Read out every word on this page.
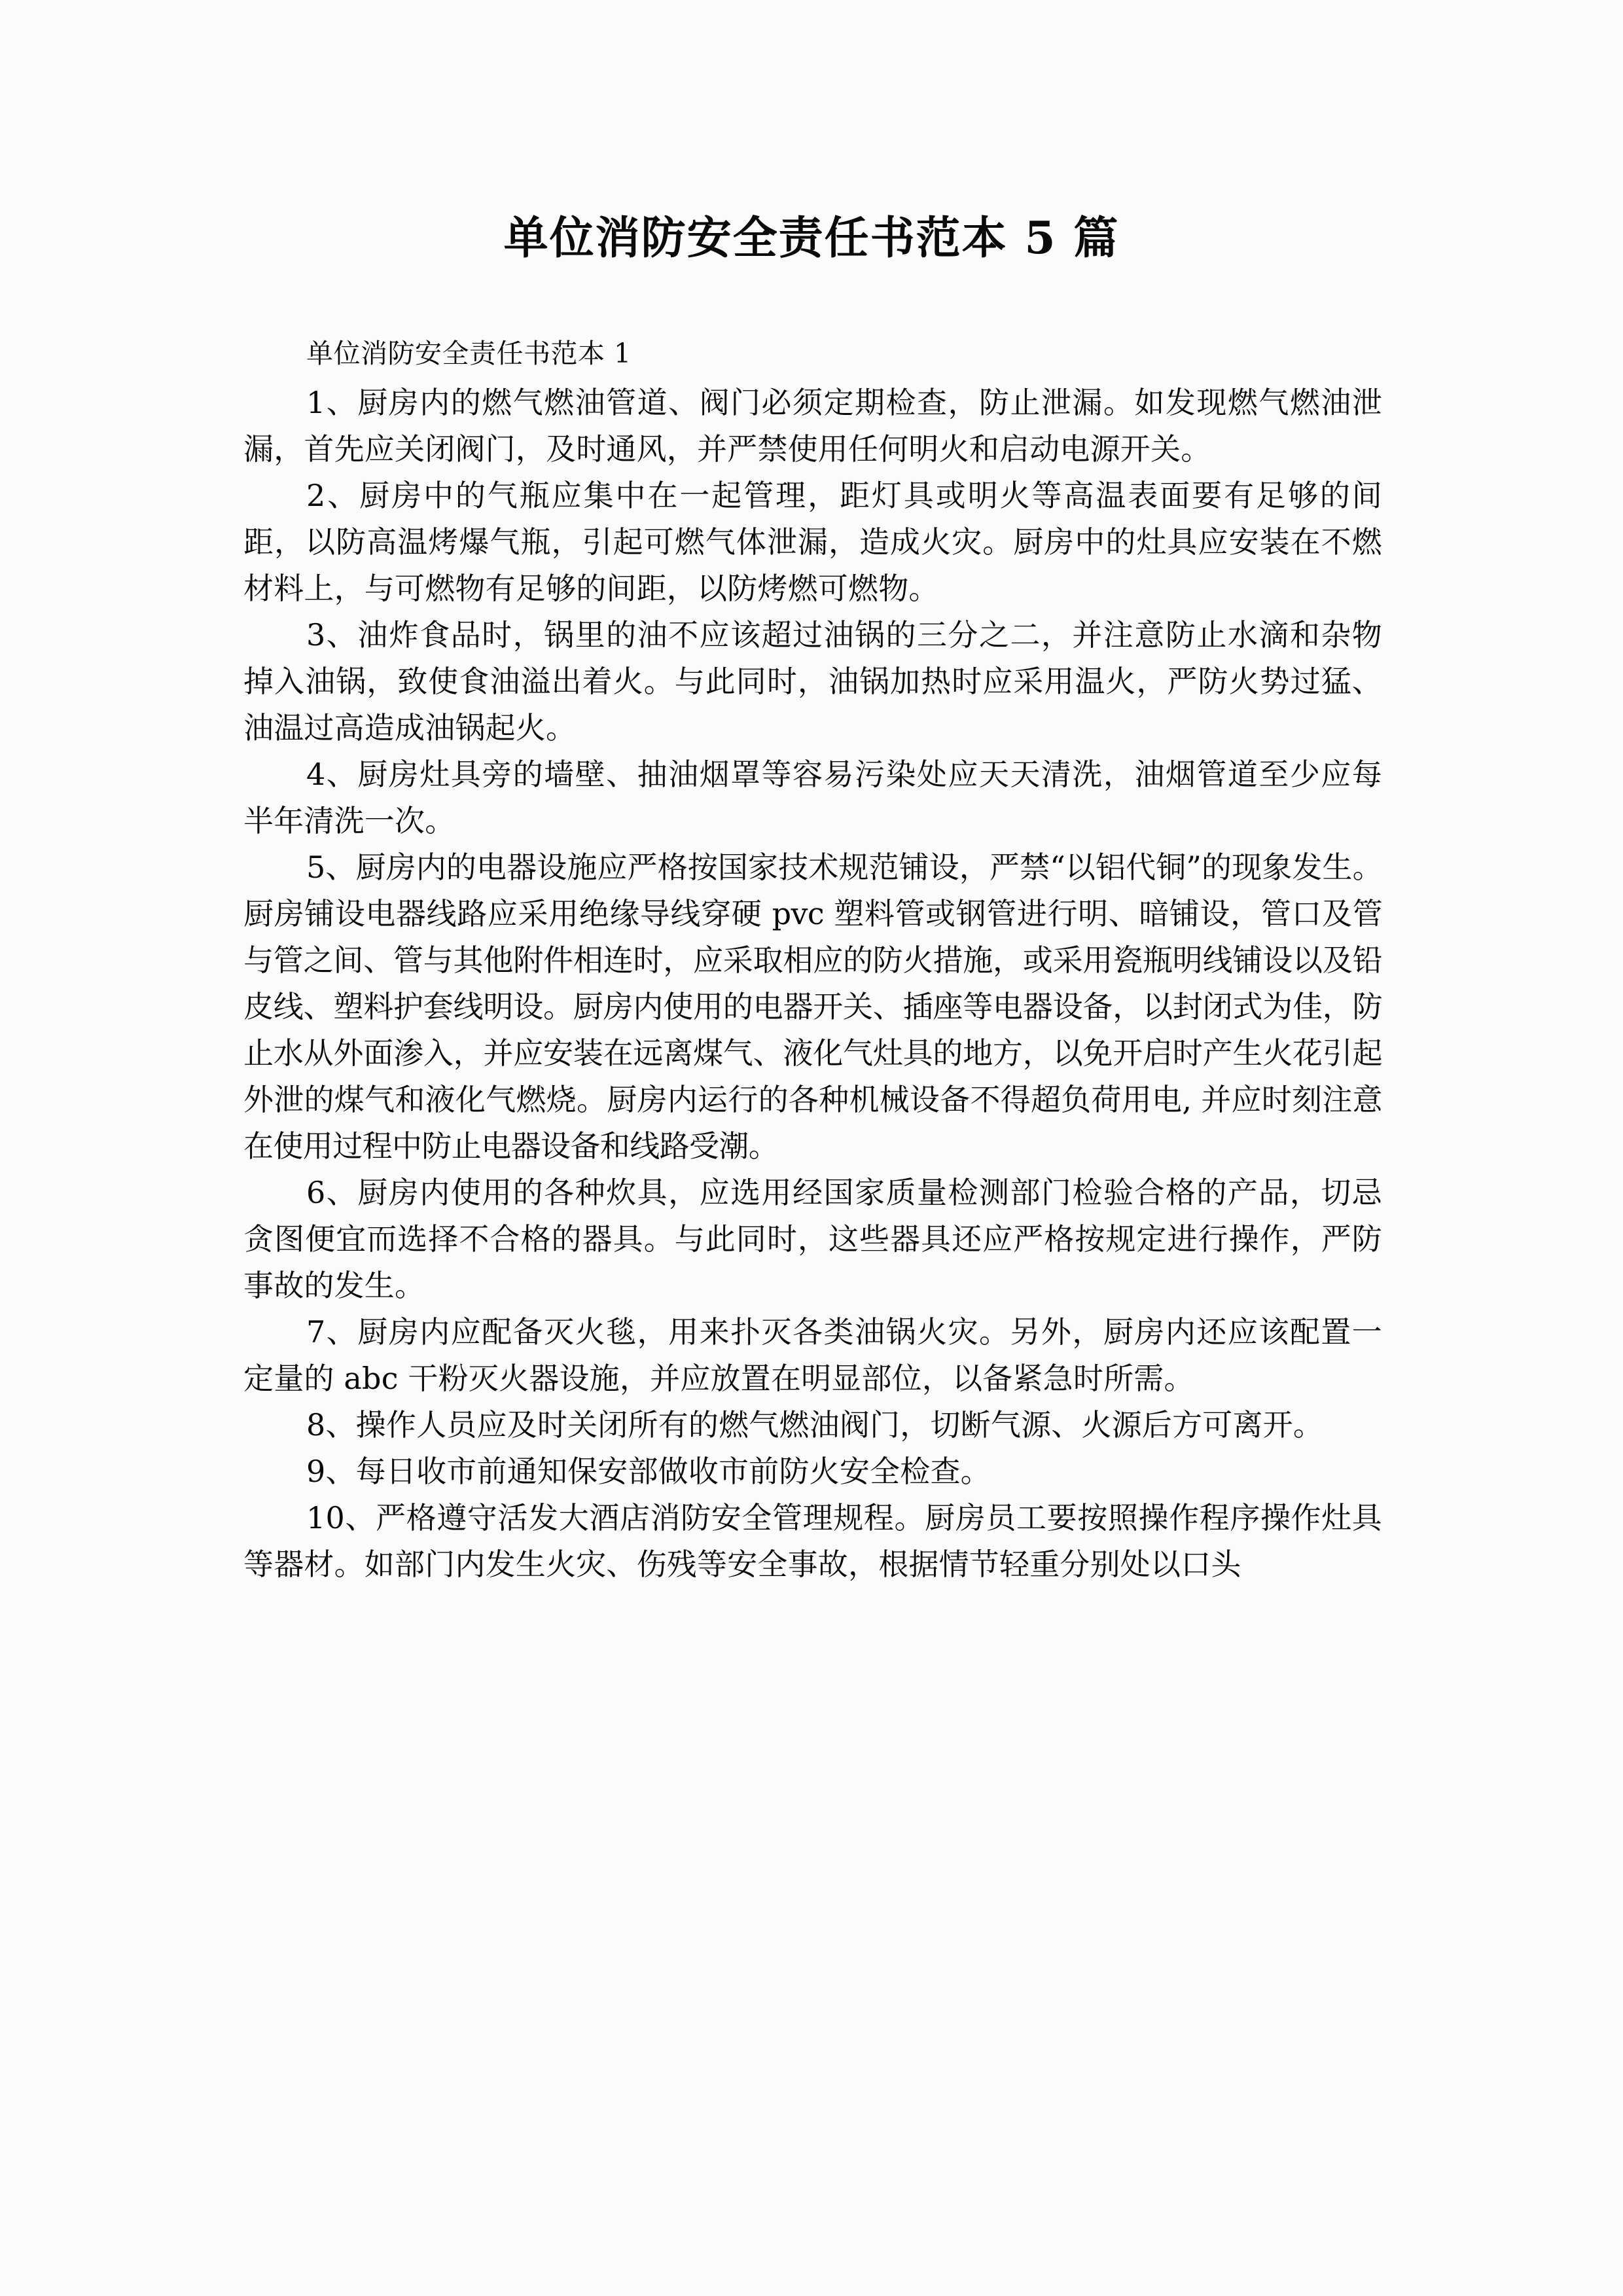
单位消防安全责任书范本 5 篇
单位消防安全责任书范本 1

1、厨房内的燃气燃油管道、阀门必须定期检查，防止泄漏。如发现燃气燃油泄漏，首先应关闭阀门，及时通风，并严禁使用任何明火和启动电源开关。

2、厨房中的气瓶应集中在一起管理，距灯具或明火等高温表面要有足够的间距，以防高温烤爆气瓶，引起可燃气体泄漏，造成火灾。厨房中的灶具应安装在不燃材料上，与可燃物有足够的间距，以防烤燃可燃物。

3、油炸食品时，锅里的油不应该超过油锅的三分之二，并注意防止水滴和杂物掉入油锅，致使食油溢出着火。与此同时，油锅加热时应采用温火，严防火势过猛、油温过高造成油锅起火。

4、厨房灶具旁的墙壁、抽油烟罩等容易污染处应天天清洗，油烟管道至少应每半年清洗一次。

5、厨房内的电器设施应严格按国家技术规范铺设，严禁“以铝代铜”的现象发生。厨房铺设电器线路应采用绝缘导线穿硬 pvc 塑料管或钢管进行明、暗铺设，管口及管与管之间、管与其他附件相连时，应采取相应的防火措施，或采用瓷瓶明线铺设以及铅皮线、塑料护套线明设。厨房内使用的电器开关、插座等电器设备，以封闭式为佳，防止水从外面渗入，并应安装在远离煤气、液化气灶具的地方，以免开启时产生火花引起外泄的煤气和液化气燃烧。厨房内运行的各种机械设备不得超负荷用电, 并应时刻注意在使用过程中防止电器设备和线路受潮。

6、厨房内使用的各种炊具，应选用经国家质量检测部门检验合格的产品，切忌贪图便宜而选择不合格的器具。与此同时，这些器具还应严格按规定进行操作，严防事故的发生。

7、厨房内应配备灭火毯，用来扑灭各类油锅火灾。另外，厨房内还应该配置一定量的 abc 干粉灭火器设施，并应放置在明显部位，以备紧急时所需。

8、操作人员应及时关闭所有的燃气燃油阀门，切断气源、火源后方可离开。

9、每日收市前通知保安部做收市前防火安全检查。

10、严格遵守活发大酒店消防安全管理规程。厨房员工要按照操作程序操作灶具等器材。如部门内发生火灾、伤残等安全事故，根据情节轻重分别处以口头
